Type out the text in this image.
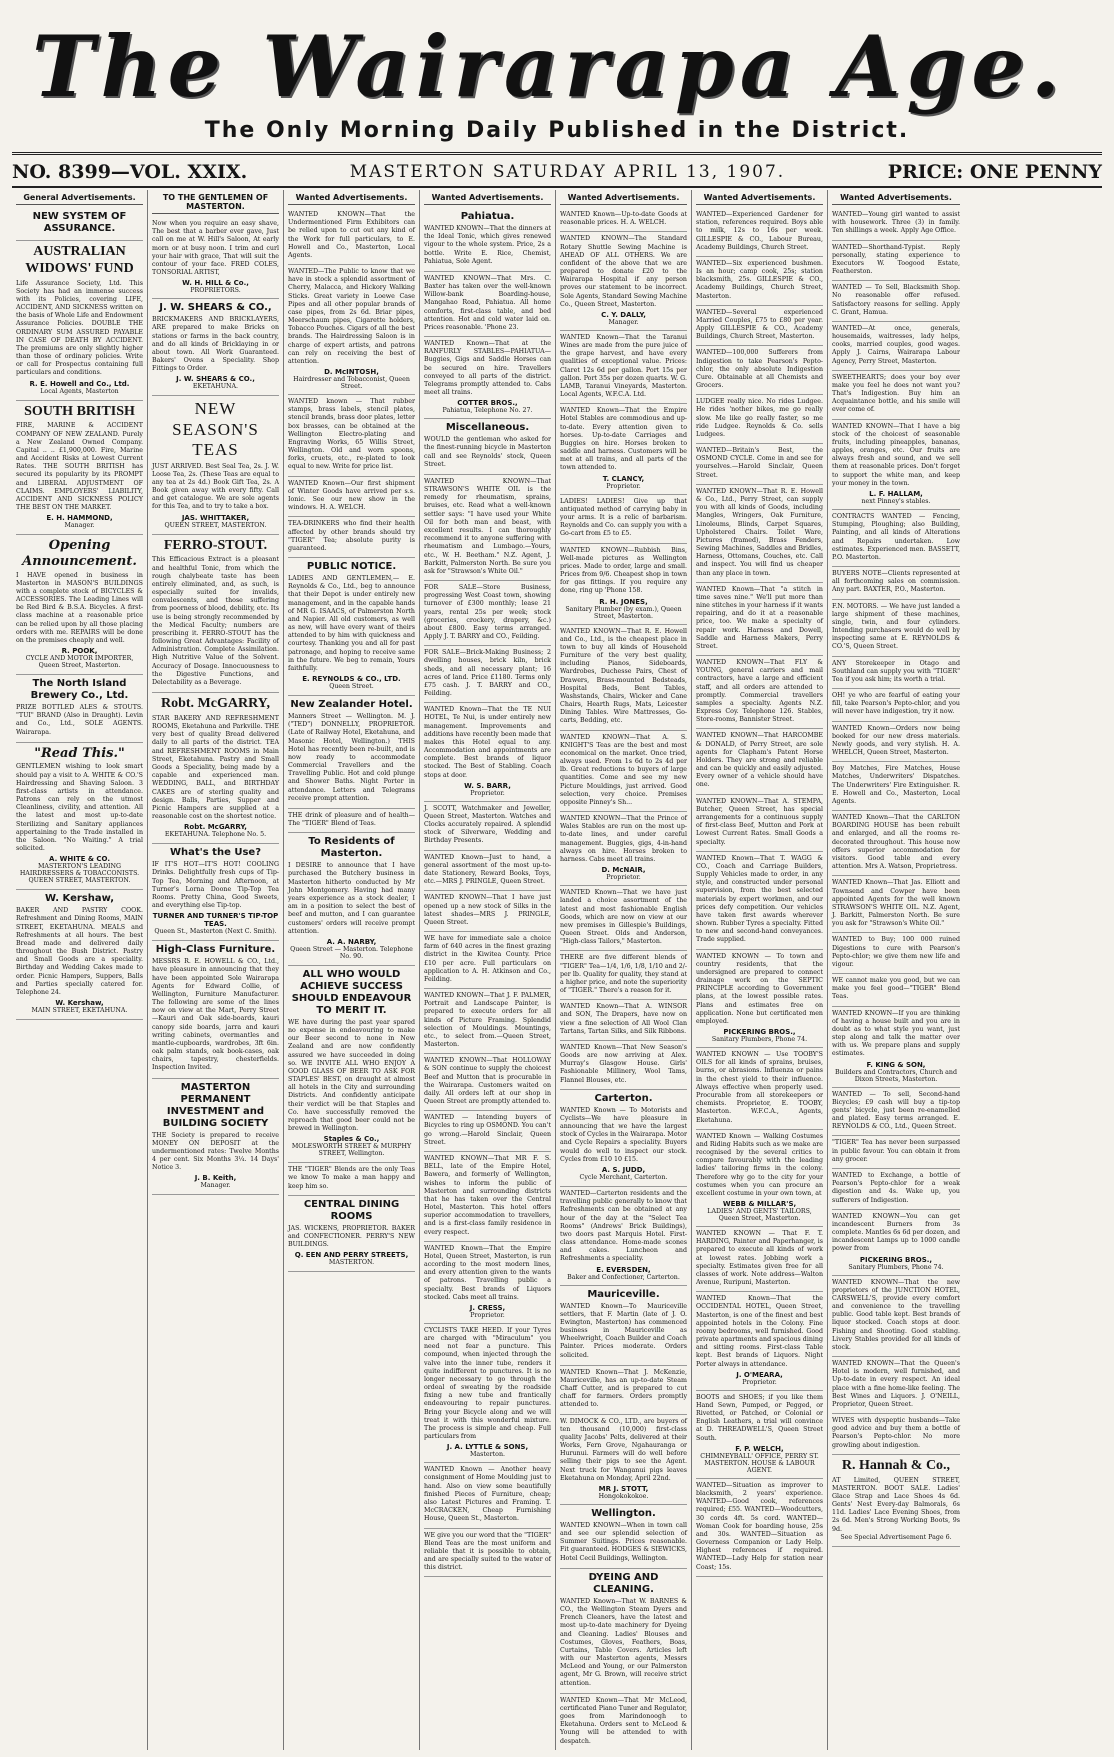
The Wairarapa Age.
The Only Morning Daily Published in the District.
NO. 8399—VOL. XXIX.	MASTERTON SATURDAY APRIL 13, 1907.	PRICE: ONE PENNY
General Advertisements.
NEW SYSTEM OF ASSURANCE.
AUSTRALIAN WIDOWS' FUND
Life Assurance Society, Ltd. This Society has had an immense success with its Policies, covering LIFE, ACCIDENT, AND SICKNESS written on the basis of Whole Life and Endowment Assurance Policies. DOUBLE THE ORDINARY SUM ASSURED PAYABLE IN CASE OF DEATH BY ACCIDENT. The premiums are only slightly higher than those of ordinary policies. Write or call for Prospectus containing full particulars and conditions.
R. E. Howell and Co., Ltd.
Local Agents, Masterton
SOUTH BRITISH
FIRE, MARINE & ACCIDENT COMPANY OF NEW ZEALAND. Purely a New Zealand Owned Company. Capital .. .. £1,900,000. Fire, Marine and Accident Risks at Lowest Current Rates. THE SOUTH BRITISH has secured its popularity by its PROMPT and LIBERAL ADJUSTMENT OF CLAIMS. EMPLOYERS' LIABILITY, ACCIDENT AND SICKNESS POLICY THE BEST ON THE MARKET.
E. H. HAMMOND,
Manager.
Opening Announcement.
I HAVE opened in business in Masterton in MASON'S BUILDINGS with a complete stock of BICYCLES & ACCESSORIES. The Leading Lines will be Red Bird & B.S.A. Bicycles. A first-class machine at a reasonable price can be relied upon by all those placing orders with me. REPAIRS will be done on the premises cheaply and well.
R. POOK,
CYCLE AND MOTOR IMPORTER, Queen Street, Masterton.
The North Island Brewery Co., Ltd.
PRIZE BOTTLED ALES & STOUTS. "TUI" BRAND (Also in Draught). Levin and Co., Ltd., SOLE AGENTS. Wairarapa.
"Read This."
GENTLEMEN wishing to look smart should pay a visit to A. WHITE & CO.'S Hairdressing and Shaving Saloon. 3 first-class artists in attendance. Patrons can rely on the utmost Cleanliness, civility, and attention. All the latest and most up-to-date Sterilizing and Sanitary appliances appertaining to the Trade installed in the Saloon. "No Waiting." A trial solicited.
A. WHITE & CO.
MASTERTON'S LEADING HAIRDRESSERS & TOBACCONISTS. QUEEN STREET, MASTERTON.
W. Kershaw,
BAKER AND PASTRY COOK. Refreshment and Dining Rooms, MAIN STREET, EKETAHUNA. MEALS and Refreshments at all hours. The best Bread made and delivered daily throughout the Bush District. Pastry and Small Goods are a speciality. Birthday and Wedding Cakes made to order. Picnic Hampers, Suppers, Balls and Parties specially catered for. Telephone 24.
W. Kershaw,
MAIN STREET, EKETAHUNA.
TO THE GENTLEMEN OF MASTERTON.
Now when you require an easy shave, The best that a barber ever gave, Just call on me at W. Hill's Saloon, At early morn or at busy noon. I trim and curl your hair with grace, That will suit the contour of your face. FRED COLES, TONSORIAL ARTIST,
W. H. HILL & Co.,
PROPRIETORS.
J. W. SHEARS & CO.,
BRICKMAKERS AND BRICKLAYERS, ARE prepared to make Bricks on stations or farms in the back country, and do all kinds of Bricklaying in or about town. All Work Guaranteed. Bakers' Ovens a Speciality. Shop Fittings to Order.
J. W. SHEARS & CO.,
EKETAHUNA.
NEW SEASON'S TEAS
JUST ARRIVED. Best Seal Tea, 2s. J. W. Loose Tea, 2s. (These Teas are equal to any tea at 2s 4d.) Book Gift Tea, 2s. A Book given away with every fifty. Call and get catalogue. We are sole agents for this Tea, and to try to take a box.
JAS. WHITTAKER,
QUEEN STREET, MASTERTON.
FERRO-STOUT.
This Efficacious Extract is a pleasant and healthful Tonic, from which the rough chalybeate taste has been entirely eliminated, and, as such, is especially suited for invalids, convalescents, and those suffering from poorness of blood, debility, etc. Its use is being strongly recommended by the Medical Faculty; numbers are prescribing it. FERRO-STOUT has the following Great Advantages: Facility of Administration. Complete Assimilation. High Nutritive Value of the Solvent. Accuracy of Dosage. Innocuousness to the Digestive Functions, and Delectability as a Beverage.
Robt. McGARRY,
STAR BAKERY AND REFRESHMENT ROOMS, Eketahuna and Parkville. THE very best of quality Bread delivered daily to all parts of the district. TEA and REFRESHMENT ROOMS in Main Street, Eketahuna. Pastry and Small Goods a Speciality, being made by a capable and experienced man. WEDDING, BALL, and BIRTHDAY CAKES are of sterling quality and design. Balls, Parties, Supper and Picnic Hampers are supplied at a reasonable cost on the shortest notice.
Robt. McGARRY,
EKETAHUNA. Telephone No. 5.
What's the Use?
IF IT'S HOT—IT'S HOT! COOLING Drinks. Delightfully fresh cups of Tip-Top Tea, Morning and Afternoon, at Turner's Lorna Doone Tip-Top Tea Rooms. Pretty China, Good Sweets, and everything else Tip-top.
TURNER AND TURNER'S TIP-TOP TEAS.
Queen St., Masterton (Next C. Smith).
High-Class Furniture.
MESSRS R. E. HOWELL & CO., Ltd., have pleasure in announcing that they have been appointed Sole Wairarapa Agents for Edward Collie, of Wellington, Furniture Manufacturer. The following are some of the lines now on view at the Mart, Perry Street—Kauri and Oak side-boards, kauri canopy side boards, jarra and kauri writing cabinets, overmantles and mantle-cupboards, wardrobes, 3ft 6in. oak palm stands, oak book-cases, oak chairs, tapestry, chesterfields. Inspection Invited.
MASTERTON PERMANENT INVESTMENT and BUILDING SOCIETY
THE Society is prepared to receive MONEY ON DEPOSIT at the undermentioned rates: Twelve Months 4 per cent. Six Months 3¼. 14 Days' Notice 3.
J. B. Keith,
Manager.
Wanted Advertisements.
WANTED KNOWN—That the Undermentioned Firm Exhibitors can be relied upon to cut out any kind of the Work for full particulars, to E. Howell and Co., Masterton, Local Agents.
WANTED—The Public to know that we have in stock a splendid assortment of Cherry, Malacca, and Hickory Walking Sticks. Great variety in Loewe Case Pipes and all other popular brands of case pipes, from 2s 6d. Briar pipes, Meerschaum pipes, Cigarette holders, Tobacco Pouches. Cigars of all the best brands. The Hairdressing Saloon is in charge of expert artists, and patrons can rely on receiving the best of attention.
D. McINTOSH,
Hairdresser and Tobacconist, Queen Street.
WANTED known — That rubber stamps, brass labels, stencil plates, stencil brands, brass door plates, letter box brasses, can be obtained at the Wellington Electro-plating and Engraving Works, 65 Willis Street, Wellington. Old and worn spoons, forks, cruets, etc., re-plated to look equal to new. Write for price list.
WANTED Known—Our first shipment of Winter Goods have arrived per s.s. Ionic. See our new show in the windows. H. A. WELCH.
TEA-DRINKERS who find their health affected by other brands should try "TIGER" Tea; absolute purity is guaranteed.
PUBLIC NOTICE.
LADIES AND GENTLEMEN,— E. Reynolds & Co., Ltd., beg to announce that their Depot is under entirely new management, and in the capable hands of MR G. ISAACS, of Palmerston North and Napier. All old customers, as well as new, will have every want of theirs attended to by him with quickness and courtesy. Thanking you and all for past patronage, and hoping to receive same in the future. We beg to remain, Yours faithfully.
E. REYNOLDS & CO., LTD.
Queen Street.
New Zealander Hotel.
Manners Street — Wellington. M. J. ("TED") DONNELLY, PROPRIETOR. (Late of Railway Hotel, Eketahuna, and Masonic Hotel, Wellington.) THIS Hotel has recently been re-built, and is now ready to accommodate Commercial Travellers and the Travelling Public. Hot and cold plunge and Shower Baths. Night Porter in attendance. Letters and Telegrams receive prompt attention.
THE drink of pleasure and of health— The "TIGER" Blend of Teas.
To Residents of Masterton.
I DESIRE to announce that I have purchased the Butchery business in Masterton hitherto conducted by Mr John Montgomery. Having had many years experience as a stock dealer, I am in a position to select the best of beef and mutton, and I can guarantee customers' orders will receive prompt attention.
A. A. NARBY,
Queen Street — Masterton. Telephone No. 90.
ALL WHO WOULD ACHIEVE SUCCESS SHOULD ENDEAVOUR TO MERIT IT.
WE have during the past year spared no expense in endeavouring to make our Beer second to none in New Zealand and are now confidently assured we have succeeded in doing so. WE INVITE ALL WHO ENJOY A GOOD GLASS OF BEER TO ASK FOR STAPLES' BEST, on draught at almost all hotels in the City and surrounding Districts. And confidently anticipate their verdict will be that Staples and Co. have successfully removed the reproach that good beer could not be brewed in Wellington.
Staples & Co.,
MOLESWORTH STREET & MURPHY STREET, Wellington.
THE "TIGER" Blends are the only Teas we know To make a man happy and keep him so.
CENTRAL DINING ROOMS
JAS. WICKENS, PROPRIETOR. BAKER and CONFECTIONER. PERRY'S NEW BUILDINGS.
Q. EEN AND PERRY STREETS,
MASTERTON.
Wanted Advertisements.
Pahiatua.
WANTED KNOWN—That the dinners at the Ideal Tonic, which gives renewed vigour to the whole system. Price, 2s a bottle. Write E. Rice, Chemist, Pahiatua, Sole Agent.
WANTED KNOWN—That Mrs. C. Baxter has taken over the well-known Willow-bank Boarding-house, Mangahao Road, Pahiatua. All home comforts, first-class table, and bed attention. Hot and cold water laid on. Prices reasonable. 'Phone 23.
WANTED Known—That at the RANFURLY STABLES—PAHIATUA—Buggies, Gigs and Saddle Horses can be secured on hire. Travellers conveyed to all parts of the district. Telegrams promptly attended to. Cabs meet all trains.
COTTER BROS.,
Pahiatua, Telephone No. 27.
Miscellaneous.
WOULD the gentleman who asked for the finest-running bicycle in Masterton call and see Reynolds' stock, Queen Street.
WANTED KNOWN—That STRAWSON'S WHITE OIL is the remedy for rheumatism, sprains, bruises, etc. Read what a well-known settler says: "I have used your White Oil for both man and beast, with excellent results. I can thoroughly recommend it to anyone suffering with rheumatism and Lumbago.—Yours, etc., W. H. Beetham." N.Z. Agent, J. Barkitt, Palmerston North. Be sure you ask for "Strawson's White Oil."
FOR SALE—Store Business, progressing West Coast town, showing turnover of £300 monthly; lease 21 years, rental 25s per week; stock (groceries, crockery, drapery, &c.) about £800. Easy terms arranged. Apply J. T. BARRY and CO., Feilding.
FOR SALE—Brick-Making Business; 2 dwelling houses, brick kiln, brick sheds, and all necessary plant; 16 acres of land. Price £1180. Terms only £75 cash. J. T. BARRY and CO., Feilding.
WANTED Known—That the TE NUI HOTEL, Te Nui, is under entirely new management. Improvements and additions have recently been made that makes this Hotel equal to any. Accommodation and appointments are complete. Best brands of liquor stocked. The Best of Stabling. Coach stops at door.
W. S. BARR,
Proprietor.
J. SCOTT, Watchmaker and Jeweller, Queen Street, Masterton. Watches and Clocks accurately repaired. A splendid stock of Silverware, Wedding and Birthday Presents.
WANTED Known—Just to hand, a general assortment of the most up-to-date Stationery, Reward Books, Toys, etc.—MRS J. PRINGLE, Queen Street.
WANTED KNOWN—That I have just opened up a new stock of Silks in the latest shades—MRS J. PRINGLE, Queen Street.
WE have for immediate sale a choice farm of 640 acres in the finest grazing district in the Kiwitea County. Price £10 per acre. Full particulars on application to A. H. Atkinson and Co., Feilding.
WANTED KNOWN—That J. F. PALMER, Portrait and Landscape Painter, is prepared to execute orders for all kinds of Picture Framing. Splendid selection of Mouldings. Mountings, etc., to select from.—Queen Street, Masterton.
WANTED KNOWN—That HOLLOWAY & SON continue to supply the choicest Beef and Mutton that is procurable in the Wairarapa. Customers waited on daily. All orders left at our shop in Queen Street are promptly attended to.
WANTED — Intending buyers of Bicycles to ring up OSMOND. You can't go wrong.—Harold Sinclair, Queen Street.
WANTED KNOWN—That MR F. S. BELL, late of the Empire Hotel, Bawera, and formerly of Wellington, wishes to inform the public of Masterton and surrounding districts that he has taken over the Central Hotel, Masterton. This hotel offers superior accommodation to travellers, and is a first-class family residence in every respect.
WANTED Known—That the Empire Hotel, Queen Street, Masterton, is run according to the most modern lines, and every attention given to the wants of patrons. Travelling public a specialty. Best brands of Liquors stocked. Cabs meet all trains.
J. CRESS,
Proprietor.
CYCLISTS TAKE HEED. If your Tyres are charged with "Miraculum" you need not fear a puncture. This compound, when injected through the valve into the inner tube, renders it quite indifferent to punctures. It is no longer necessary to go through the ordeal of sweating by the roadside fixing a new tube and frantically endeavouring to repair punctures. Bring your Bicycle along and we will treat it with this wonderful mixture. The process is simple and cheap. Full particulars from
J. A. LYTTLE & SONS,
Masterton.
WANTED Known — Another heavy consignment of Home Moulding just to hand. Also on view some beautifully finished Pieces of Furniture, cheap; also Latest Pictures and Framing. T. McCRACKEN, Cheap Furnishing House, Queen St., Masterton.
WE give you our word that the "TIGER" Blend Teas are the most uniform and reliable that it is possible to obtain, and are specially suited to the water of this district.
Wanted Advertisements.
WANTED Known—Up-to-date Goods at reasonable prices. H. A. WELCH.
WANTED KNOWN—The Standard Rotary Shuttle Sewing Machine is AHEAD OF ALL OTHERS. We are confident of the above that we are prepared to donate £20 to the Wairarapa Hospital if any person proves our statement to be incorrect. Sole Agents, Standard Sewing Machine Co., Queen Street, Masterton.
C. Y. DALLY,
Manager.
WANTED Known—That the Taranui Wines are made from the pure juice of the grape harvest, and have every qualities of exceptional value. Prices: Claret 12s 6d per gallon. Port 15s per gallon. Port 35s per dozen quarts. W. G. LAMB, Taranui Vineyards, Masterton. Local Agents, W.F.C.A. Ltd.
WANTED Known—That the Empire Hotel Stables are commodious and up-to-date. Every attention given to horses. Up-to-date Carriages and Buggies on hire. Horses broken to saddle and harness. Customers will be met at all trains, and all parts of the town attended to.
T. CLANCY,
Proprietor.
LADIES! LADIES! Give up that antiquated method of carrying baby in your arms. It is a relic of barbarism. Reynolds and Co. can supply you with a Go-cart from £5 to £5.
WANTED KNOWN—Rubbish Bins, Well-made pictures as Wellington prices. Made to order, large and small. Prices from 9/6. Cheapest shop in town for gas fittings. If you require any done, ring up 'Phone 158.
R. H. JONES,
Sanitary Plumber (by exam.), Queen Street, Masterton.
WANTED KNOWN—That R. E. Howell and Co., Ltd., is the cheapest place in town to buy all kinds of Household Furniture of the very best quality, including Pianos, Sideboards, Wardrobes, Duchesse Pairs, Chest of Drawers, Brass-mounted Bedsteads, Hospital Beds, Bent Tables, Washstands, Chairs, Wicker and Cane Chairs, Hearth Rugs, Mats, Leicester Dining Tables. Wire Mattresses, Go-carts, Bedding, etc.
WANTED KNOWN—That A. S. KNIGHT'S Teas are the best and most economical on the market. Once tried, always used. From 1s 6d to 2s 4d per lb. Great reductions to buyers of large quantities. Come and see my new Picture Mouldings, just arrived. Good selection, very choice. Premises opposite Pinney's Sh...
WANTED KNOWN—That the Prince of Wales Stables are run on the most up-to-date lines, and under careful management. Buggies, gigs, 4-in-hand always on hire. Horses broken to harness. Cabs meet all trains.
D. McNAIR,
Proprietor.
WANTED Known—That we have just landed a choice assortment of the latest and most fashionable English Goods, which are now on view at our new premises in Gillespie's Buildings, Queen Street. Olds and Anderson, "High-class Tailors," Masterton.
THERE are five different blends of "TIGER" Tea—1/4, 1/6, 1/8, 1/10 and 2/- per lb. Quality for quality, they stand at a higher price, and note the superiority of "TIGER." There's a reason for it.
WANTED Known—That A. WINSOR and SON, The Drapers, have now on view a fine selection of All Wool Clan Tartans, Tartan Silks, and Silk Ribbons.
WANTED Known—That New Season's Goods are now arriving at Alex. Murray's Glasgow House. Girls' Fashionable Millinery, Wool Tams, Flannel Blouses, etc.
Carterton.
WANTED Known — To Motorists and Cyclists—We have pleasure in announcing that we have the largest stock of Cycles in the Wairarapa. Motor and Cycle Repairs a speciality. Buyers would do well to inspect our stock. Cycles from £10 10 £15.
A. S. JUDD,
Cycle Merchant, Carterton.
WANTED—Carterton residents and the travelling public generally to know that Refreshments can be obtained at any hour of the day at the "Select Tea Rooms" (Andrews' Brick Buildings), two doors past Marquis Hotel. First-class attendance. Home-made scones and cakes. Luncheon and Refreshments a speciality.
E. EVERSDEN,
Baker and Confectioner, Carterton.
Mauriceville.
WANTED Known—To Mauriceville settlers, that F. Martin (late of J. O. Ewington, Masterton) has commenced business in Mauriceville as Wheelwright, Coach Builder and Coach Painter. Prices moderate. Orders solicited.
WANTED Known—That J. McKenzie, Mauriceville, has an up-to-date Steam Chaff Cutter, and is prepared to cut chaff for farmers. Orders promptly attended to.
W. DIMOCK & CO., LTD., are buyers of ten thousand (10,000) first-class quality Jacobs' Pelts, delivered at their Works, Fern Grove, Ngahauranga or Hurunui. Farmers will do well before selling their pigs to see the Agent. Next truck for Wanganui pigs leaves Eketahuna on Monday, April 22nd.
MR J. STOTT,
Hongokokokoe.
Wellington.
WANTED KNOWN—When in town call and see our splendid selection of Summer Suitings. Prices reasonable. Fit guaranteed. HODGES & SIEWICKS, Hotel Cecil Buildings, Wellington.
DYEING AND CLEANING.
WANTED Known—That W. BARNES & CO., the Wellington Steam Dyers and French Cleaners, have the latest and most up-to-date machinery for Dyeing and Cleaning. Ladies' Blouses and Costumes, Gloves, Feathers, Boas, Curtains, Table Covers. Articles left with our Masterton agents, Messrs McLeod and Young, or our Palmerston agent, Mr G. Brown, will receive strict attention.
WANTED Known—That Mr McLeod, certificated Piano Tuner and Regulator, goes from Marindonoogh to Eketahuna. Orders sent to McLeod & Young will be attended to with despatch.
Wanted Advertisements.
WANTED—Experienced Gardener for station, references required. Boys able to milk, 12s to 16s per week. GILLESPIE & CO., Labour Bureau, Academy Buildings, Church Street.
WANTED—Six experienced bushmen. Is an hour; camp cook, 25s; station blacksmith, 25s. GILLESPIE & CO., Academy Buildings, Church Street, Masterton.
WANTED—Several experienced Married Couples, £75 to £80 per year. Apply GILLESPIE & CO., Academy Buildings, Church Street, Masterton.
WANTED—100,000 Sufferers from Indigestion to take Pearson's Pepto-chlor, the only absolute Indigestion Cure. Obtainable at all Chemists and Grocers.
LUDGEE really nice. No rides Ludgee. He rides 'nother bikes, me go really slow. Me like go really faster, so me ride Ludgee. Reynolds & Co. sells Ludgees.
WANTED—Britain's Best, the OSMOND CYCLE. Come in and see for yourselves.—Harold Sinclair, Queen Street.
WANTED KNOWN—That R. E. Howell & Co., Ltd., Perry Street, can supply you with all kinds of Goods, including Mangles, Wringers, Oak Furniture, Linoleums, Blinds, Carpet Squares, Upholstered Chairs. Toilet Ware, Pictures (framed), Brass Fenders, Sewing Machines, Saddles and Bridles, Harness, Ottomans, Couches, etc. Call and inspect. You will find us cheaper than any place in town.
WANTED Known—That "a stitch in time saves nine." We'll put more than nine stitches in your harness if it wants repairing, and do it at a reasonable price, too. We make a specialty of repair work. Harness and Dowell, Saddle and Harness Makers, Perry Street.
WANTED KNOWN—That FLY & YOUNG, general carriers and mail contractors, have a large and efficient staff, and all orders are attended to promptly. Commercial travellers samples a specialty. Agents N.Z. Express Coy. Telephone 126. Stables, Store-rooms, Bannister Street.
WANTED KNOWN—That HARCOMBE & DONALD, of Perry Street, are sole agents for Clapham's Patent Horse Holders. They are strong and reliable and can be quickly and easily adjusted. Every owner of a vehicle should have one.
WANTED KNOWN—That A. STEMPA, Butcher, Queen Street, has special arrangements for a continuous supply of first-class Beef, Mutton and Pork at Lowest Current Rates. Small Goods a specialty.
WANTED Known—That T. WAGG & CO., Coach and Carriage Builders, Supply Vehicles made to order, in any style, and constructed under personal supervision, from the best selected materials by expert workmen, and our prices defy competition. Our vehicles have taken first awards wherever shown. Rubber Tyres a specialty. Fitted to new and second-hand conveyances. Trade supplied.
WANTED KNOWN — To town and country residents, that the undersigned are prepared to connect drainage work on the SEPTIC PRINCIPLE according to Government plans, at the lowest possible rates. Plans and estimates free on application. None but certificated men employed.
PICKERING BROS.,
Sanitary Plumbers, Phone 74.
WANTED KNOWN — Use TOOBY'S OILS for all kinds of sprains, bruises, burns, or abrasions. Influenza or pains in the chest yield to their influence. Always effective when properly used. Procurable from all storekeepers or chemists. Proprietor, E. TOOBY, Masterton. W.F.C.A., Agents, Eketahuna.
WANTED Known — Walking Costumes and Riding Habits such as we make are recognised by the several critics to compare favourably with the leading ladies' tailoring firms in the colony. Therefore why go to the city for your costumes when you can procure an excellent costume in your own town, at
WEBB & MILLAR'S,
LADIES' AND GENTS' TAILORS, Queen Street, Masterton.
WANTED KNOWN — That F. T. HARDING, Painter and Paperhanger, is prepared to execute all kinds of work at lowest rates. Jobbing work a specialty. Estimates given free for all classes of work. Note address—Walton Avenue, Ruripuni, Masterton.
WANTED Known—That the OCCIDENTAL HOTEL, Queen Street, Masterton, is one of the finest and best appointed hotels in the Colony. Fine roomy bedrooms, well furnished. Good private apartments and spacious dining and sitting rooms. First-class Table kept. Best brands of Liquors. Night Porter always in attendance.
J. O'MEARA,
Proprietor.
BOOTS and SHOES; if you like them Hand Sewn, Pumped, or Pegged, or Rivetted, or Patched, or Colonial or English Leathers, a trial will convince at D. THREADWELL'S, Queen Street South.
F. P. WELCH,
CHIMNEYBALL' OFFICE, PERRY ST. MASTERTON. HOUSE & LABOUR AGENT.
WANTED—Situation as improver to blacksmith, 2 years' experience. WANTED—Good cook, references required; £55. WANTED—Woodcutters, 30 cords 4ft. 5s cord. WANTED—Woman Cook for boarding house, 25s and 30s. WANTED—Situation as Governess Companion or Lady Help. Highest references if required. WANTED—Lady Help for station near Coast; 15s.
Wanted Advertisements.
WANTED—Young girl wanted to assist with housework. Three (3) in family. Ten shillings a week. Apply Age Office.
WANTED—Shorthand-Typist. Reply personally, stating experience to Executors W. Toogood Estate, Featherston.
WANTED — To Sell, Blacksmith Shop. No reasonable offer refused. Satisfactory reasons for selling. Apply C. Grant, Hamua.
WANTED—At once, generals, housemaids, waitresses, lady helps, cooks, married couples, good wages. Apply J. Cairns, Wairarapa Labour Agency, Perry Street, Masterton.
SWEETHEARTS; does your boy ever make you feel he does not want you? That's Indigestion. Buy him an Acquaintance bottle, and his smile will ever come of.
WANTED KNOWN—That I have a big stock of the choicest of seasonable fruits, including pineapples, bananas, apples, oranges, etc. Our fruits are always fresh and sound, and we sell them at reasonable prices. Don't forget to support the white man, and keep your money in the town.
L. F. HALLAM,
next Pinney's stables.
CONTRACTS WANTED — Fencing, Stumping, Ploughing; also Building, Painting, and all kinds of Alterations and Repairs undertaken. Low estimates. Experienced men. BASSETT, P.O. Masterton.
BUYERS NOTE—Clients represented at all forthcoming sales on commission. Any part. BAXTER, P.O., Masterton.
F.N. MOTORS. — We have just landed a large shipment of these machines, single, twin, and four cylinders. Intending purchasers would do well by inspecting same at E. REYNOLDS & CO.'S, Queen Street.
ANY Storekeeper in Otago and Southland can supply you with "TIGER" Tea if you ask him; its worth a trial.
OH! ye who are fearful of eating your fill, take Pearson's Pepto-chlor, and you will never have indigestion, try it now.
WANTED Known—Orders now being booked for our new dress materials. Newly goods, and very stylish. H. A. WHELCH, Queen Street, Masterton.
Boy Matches, Fire Matches, House Matches, Underwriters' Dispatches. The Underwriters' Fire Extinguisher. R. E. Howell and Co., Masterton, Local Agents.
WANTED Known—That the CARLTON BOARDING HOUSE has been rebuilt and enlarged, and all the rooms re-decorated throughout. This house now offers superior accommodation for visitors. Good table and every attention. Mrs A. Watson, Proprietress.
WANTED Known—That Jas. Elliott and Townsend and Cowper have been appointed Agents for the well known STRAWSON'S WHITE OIL. N.Z. Agent, J. Barkitt, Palmerston North. Be sure you ask for "Strawson's White Oil."
WANTED to Buy; 100 000 ruined Digestions to cure with Pearson's Pepto-chlor; we give them new life and vigour.
WE cannot make you good, but we can make you feel good—"TIGER" Blend Teas.
WANTED KNOWN—If you are thinking of having a house built and you are in doubt as to what style you want, just step along and talk the matter over with us. We prepare plans and supply estimates.
F. KING & SON,
Builders and Contractors, Church and Dixon Streets, Masterton.
WANTED — To sell, Second-hand Bicycles; £9 cash will buy a tip-top gents' bicycle, just been re-enamelled and plated. Easy terms arranged. E. REYNOLDS & CO., Ltd., Queen Street.
"TIGER" Tea has never been surpassed in public favour. You can obtain it from any grocer.
WANTED to Exchange, a bottle of Pearson's Pepto-chlor for a weak digestion and 4s. Wake up, you sufferers of Indigestion.
WANTED KNOWN—You can get incandescent Burners from 3s complete. Mantles 6s 6d per dozen, and incandescent Lamps up to 1000 candle power from
PICKERING BROS.,
Sanitary Plumbers, Phone 74.
WANTED KNOWN—That the new proprietors of the JUNCTION HOTEL, CARSWELL'S, provide every comfort and convenience to the travelling public. Good table kept. Best brands of liquor stocked. Coach stops at door. Fishing and Shooting. Good stabling. Livery Stables provided for all kinds of stock.
WANTED KNOWN—That the Queen's Hotel is modern, well furnished, and Up-to-date in every respect. An ideal place with a fine home-like feeling. The Best Wines and Liquors. J. O'NEILL, Proprietor, Queen Street.
WIVES with dyspeptic husbands—Take good advice and buy them a bottle of Pearson's Pepto-chlor. No more growling about indigestion.
R. Hannah & Co.,
AT Limited, QUEEN STREET, MASTERTON. BOOT SALE. Ladies' Glace Strap and Lace Shoes 4s 6d. Gents' Nest Every-day Balmorals, 6s 11d. Ladies' Lace Evening Shoes, from 2s 6d. Men's Strong Working Boots, 9s 9d.
See Special Advertisement Page 6.
